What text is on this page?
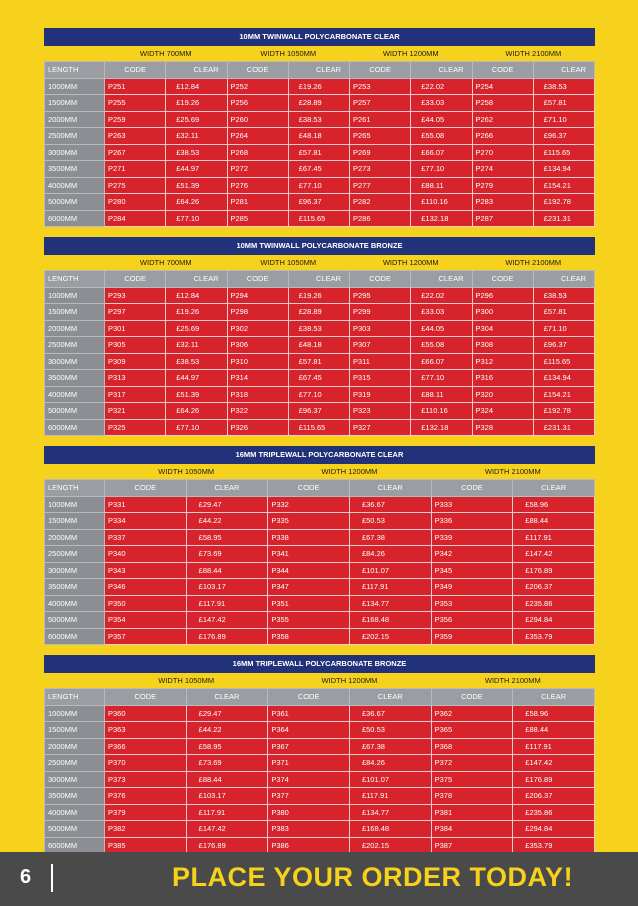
10MM TWINWALL POLYCARBONATE CLEAR								
	WIDTH 700MM		WIDTH 1050MM		WIDTH 1200MM		WIDTH 2100MM	
LENGTH	CODE	CLEAR	CODE	CLEAR	CODE	CLEAR	CODE	CLEAR
1000MM	P251	£12.84	P252	£19.26	P253	£22.02	P254	£38.53
1500MM	P255	£19.26	P256	£28.89	P257	£33.03	P258	£57.81
2000MM	P259	£25.69	P260	£38.53	P261	£44.05	P262	£71.10
2500MM	P263	£32.11	P264	£48.18	P265	£55.08	P266	£96.37
3000MM	P267	£38.53	P268	£57.81	P269	£66.07	P270	£115.65
3500MM	P271	£44.97	P272	£67.45	P273	£77.10	P274	£134.94
4000MM	P275	£51.39	P276	£77.10	P277	£88.11	P279	£154.21
5000MM	P280	£64.26	P281	£96.37	P282	£110.16	P283	£192.78
6000MM	P284	£77.10	P285	£115.65	P286	£132.18	P287	£231.31
10MM TWINWALL POLYCARBONATE BRONZE								
	WIDTH 700MM		WIDTH 1050MM		WIDTH 1200MM		WIDTH 2100MM	
LENGTH	CODE	CLEAR	CODE	CLEAR	CODE	CLEAR	CODE	CLEAR
1000MM	P293	£12.84	P294	£19.26	P295	£22.02	P296	£38.53
1500MM	P297	£19.26	P298	£28.89	P299	£33.03	P300	£57.81
2000MM	P301	£25.69	P302	£38.53	P303	£44.05	P304	£71.10
2500MM	P305	£32.11	P306	£48.18	P307	£55.08	P308	£96.37
3000MM	P309	£38.53	P310	£57.81	P311	£66.07	P312	£115.65
3500MM	P313	£44.97	P314	£67.45	P315	£77.10	P316	£134.94
4000MM	P317	£51.39	P318	£77.10	P319	£88.11	P320	£154.21
5000MM	P321	£64.26	P322	£96.37	P323	£110.16	P324	£192.78
6000MM	P325	£77.10	P326	£115.65	P327	£132.18	P328	£231.31
16MM TRIPLEWALL POLYCARBONATE CLEAR						
	WIDTH 1050MM		WIDTH 1200MM		WIDTH 2100MM	
LENGTH	CODE	CLEAR	CODE	CLEAR	CODE	CLEAR
1000MM	P331	£29.47	P332	£36.67	P333	£58.96
1500MM	P334	£44.22	P335	£50.53	P336	£88.44
2000MM	P337	£58.95	P338	£67.38	P339	£117.91
2500MM	P340	£73.69	P341	£84.26	P342	£147.42
3000MM	P343	£88.44	P344	£101.07	P345	£176.89
3500MM	P346	£103.17	P347	£117.91	P349	£206.37
4000MM	P350	£117.91	P351	£134.77	P353	£235.86
5000MM	P354	£147.42	P355	£168.48	P356	£294.84
6000MM	P357	£176.89	P358	£202.15	P359	£353.79
16MM TRIPLEWALL POLYCARBONATE BRONZE						
	WIDTH 1050MM		WIDTH 1200MM		WIDTH 2100MM	
LENGTH	CODE	CLEAR	CODE	CLEAR	CODE	CLEAR
1000MM	P360	£29.47	P361	£36.67	P362	£58.96
1500MM	P363	£44.22	P364	£50.53	P365	£88.44
2000MM	P366	£58.95	P367	£67.38	P368	£117.91
2500MM	P370	£73.69	P371	£84.26	P372	£147.42
3000MM	P373	£88.44	P374	£101.07	P375	£176.89
3500MM	P376	£103.17	P377	£117.91	P378	£206.37
4000MM	P379	£117.91	P380	£134.77	P381	£235.86
5000MM	P382	£147.42	P383	£168.48	P384	£294.84
6000MM	P385	£176.89	P386	£202.15	P387	£353.79
6	PLACE YOUR ORDER TODAY!
